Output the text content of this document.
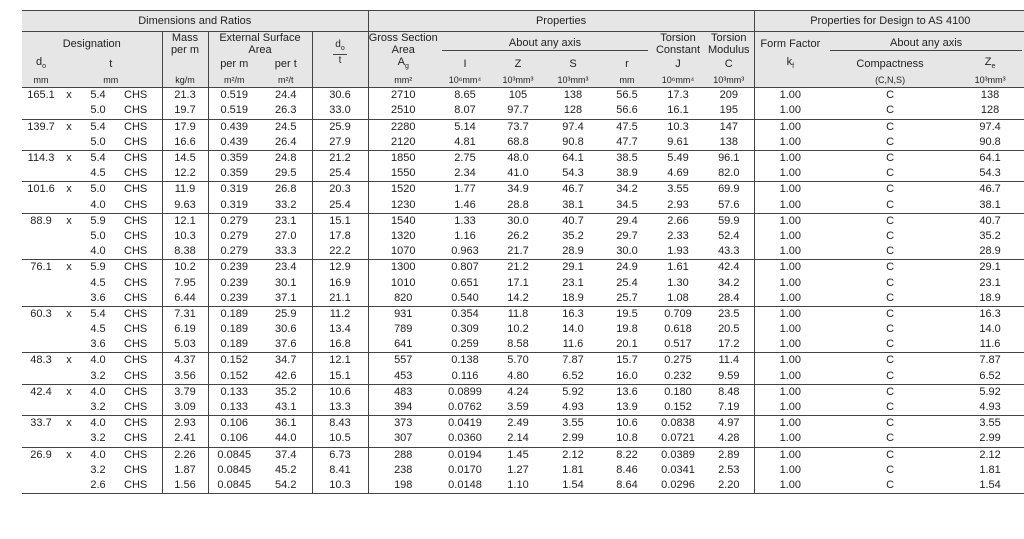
Dimensions and Ratios								Properties							Properties for Design to AS 4100		
Designation				Mass per m	External Surface Area		$\frac{d_o}{t}$	Gross Section Area	About any axis				Torsion Constant	Torsion Modulus	Form Factor	About any axis	

$d_o$	t				per m	per t		$A_g$	I	Z	S	r	J	C	$k_f$	Compactness	$Z_e$
mm	mm			kg/m	m²/m	m²/t		mm²	10⁶mm⁴	10³mm³	10³mm³	mm	10⁶mm⁴	10³mm³		(C,N,S)	10³mm³
165.1	x	5.4	CHS	21.3	0.519	24.4	30.6	2710	8.65	105	138	56.5	17.3	209	1.00	C	138
		5.0	CHS	19.7	0.519	26.3	33.0	2510	8.07	97.7	128	56.6	16.1	195	1.00	C	128
139.7	x	5.4	CHS	17.9	0.439	24.5	25.9	2280	5.14	73.7	97.4	47.5	10.3	147	1.00	C	97.4
		5.0	CHS	16.6	0.439	26.4	27.9	2120	4.81	68.8	90.8	47.7	9.61	138	1.00	C	90.8
114.3	x	5.4	CHS	14.5	0.359	24.8	21.2	1850	2.75	48.0	64.1	38.5	5.49	96.1	1.00	C	64.1
		4.5	CHS	12.2	0.359	29.5	25.4	1550	2.34	41.0	54.3	38.9	4.69	82.0	1.00	C	54.3
101.6	x	5.0	CHS	11.9	0.319	26.8	20.3	1520	1.77	34.9	46.7	34.2	3.55	69.9	1.00	C	46.7
		4.0	CHS	9.63	0.319	33.2	25.4	1230	1.46	28.8	38.1	34.5	2.93	57.6	1.00	C	38.1
88.9	x	5.9	CHS	12.1	0.279	23.1	15.1	1540	1.33	30.0	40.7	29.4	2.66	59.9	1.00	C	40.7
		5.0	CHS	10.3	0.279	27.0	17.8	1320	1.16	26.2	35.2	29.7	2.33	52.4	1.00	C	35.2
		4.0	CHS	8.38	0.279	33.3	22.2	1070	0.963	21.7	28.9	30.0	1.93	43.3	1.00	C	28.9
76.1	x	5.9	CHS	10.2	0.239	23.4	12.9	1300	0.807	21.2	29.1	24.9	1.61	42.4	1.00	C	29.1
		4.5	CHS	7.95	0.239	30.1	16.9	1010	0.651	17.1	23.1	25.4	1.30	34.2	1.00	C	23.1
		3.6	CHS	6.44	0.239	37.1	21.1	820	0.540	14.2	18.9	25.7	1.08	28.4	1.00	C	18.9
60.3	x	5.4	CHS	7.31	0.189	25.9	11.2	931	0.354	11.8	16.3	19.5	0.709	23.5	1.00	C	16.3
		4.5	CHS	6.19	0.189	30.6	13.4	789	0.309	10.2	14.0	19.8	0.618	20.5	1.00	C	14.0
		3.6	CHS	5.03	0.189	37.6	16.8	641	0.259	8.58	11.6	20.1	0.517	17.2	1.00	C	11.6
48.3	x	4.0	CHS	4.37	0.152	34.7	12.1	557	0.138	5.70	7.87	15.7	0.275	11.4	1.00	C	7.87
		3.2	CHS	3.56	0.152	42.6	15.1	453	0.116	4.80	6.52	16.0	0.232	9.59	1.00	C	6.52
42.4	x	4.0	CHS	3.79	0.133	35.2	10.6	483	0.0899	4.24	5.92	13.6	0.180	8.48	1.00	C	5.92
		3.2	CHS	3.09	0.133	43.1	13.3	394	0.0762	3.59	4.93	13.9	0.152	7.19	1.00	C	4.93
33.7	x	4.0	CHS	2.93	0.106	36.1	8.43	373	0.0419	2.49	3.55	10.6	0.0838	4.97	1.00	C	3.55
		3.2	CHS	2.41	0.106	44.0	10.5	307	0.0360	2.14	2.99	10.8	0.0721	4.28	1.00	C	2.99
26.9	x	4.0	CHS	2.26	0.0845	37.4	6.73	288	0.0194	1.45	2.12	8.22	0.0389	2.89	1.00	C	2.12
		3.2	CHS	1.87	0.0845	45.2	8.41	238	0.0170	1.27	1.81	8.46	0.0341	2.53	1.00	C	1.81
		2.6	CHS	1.56	0.0845	54.2	10.3	198	0.0148	1.10	1.54	8.64	0.0296	2.20	1.00	C	1.54
